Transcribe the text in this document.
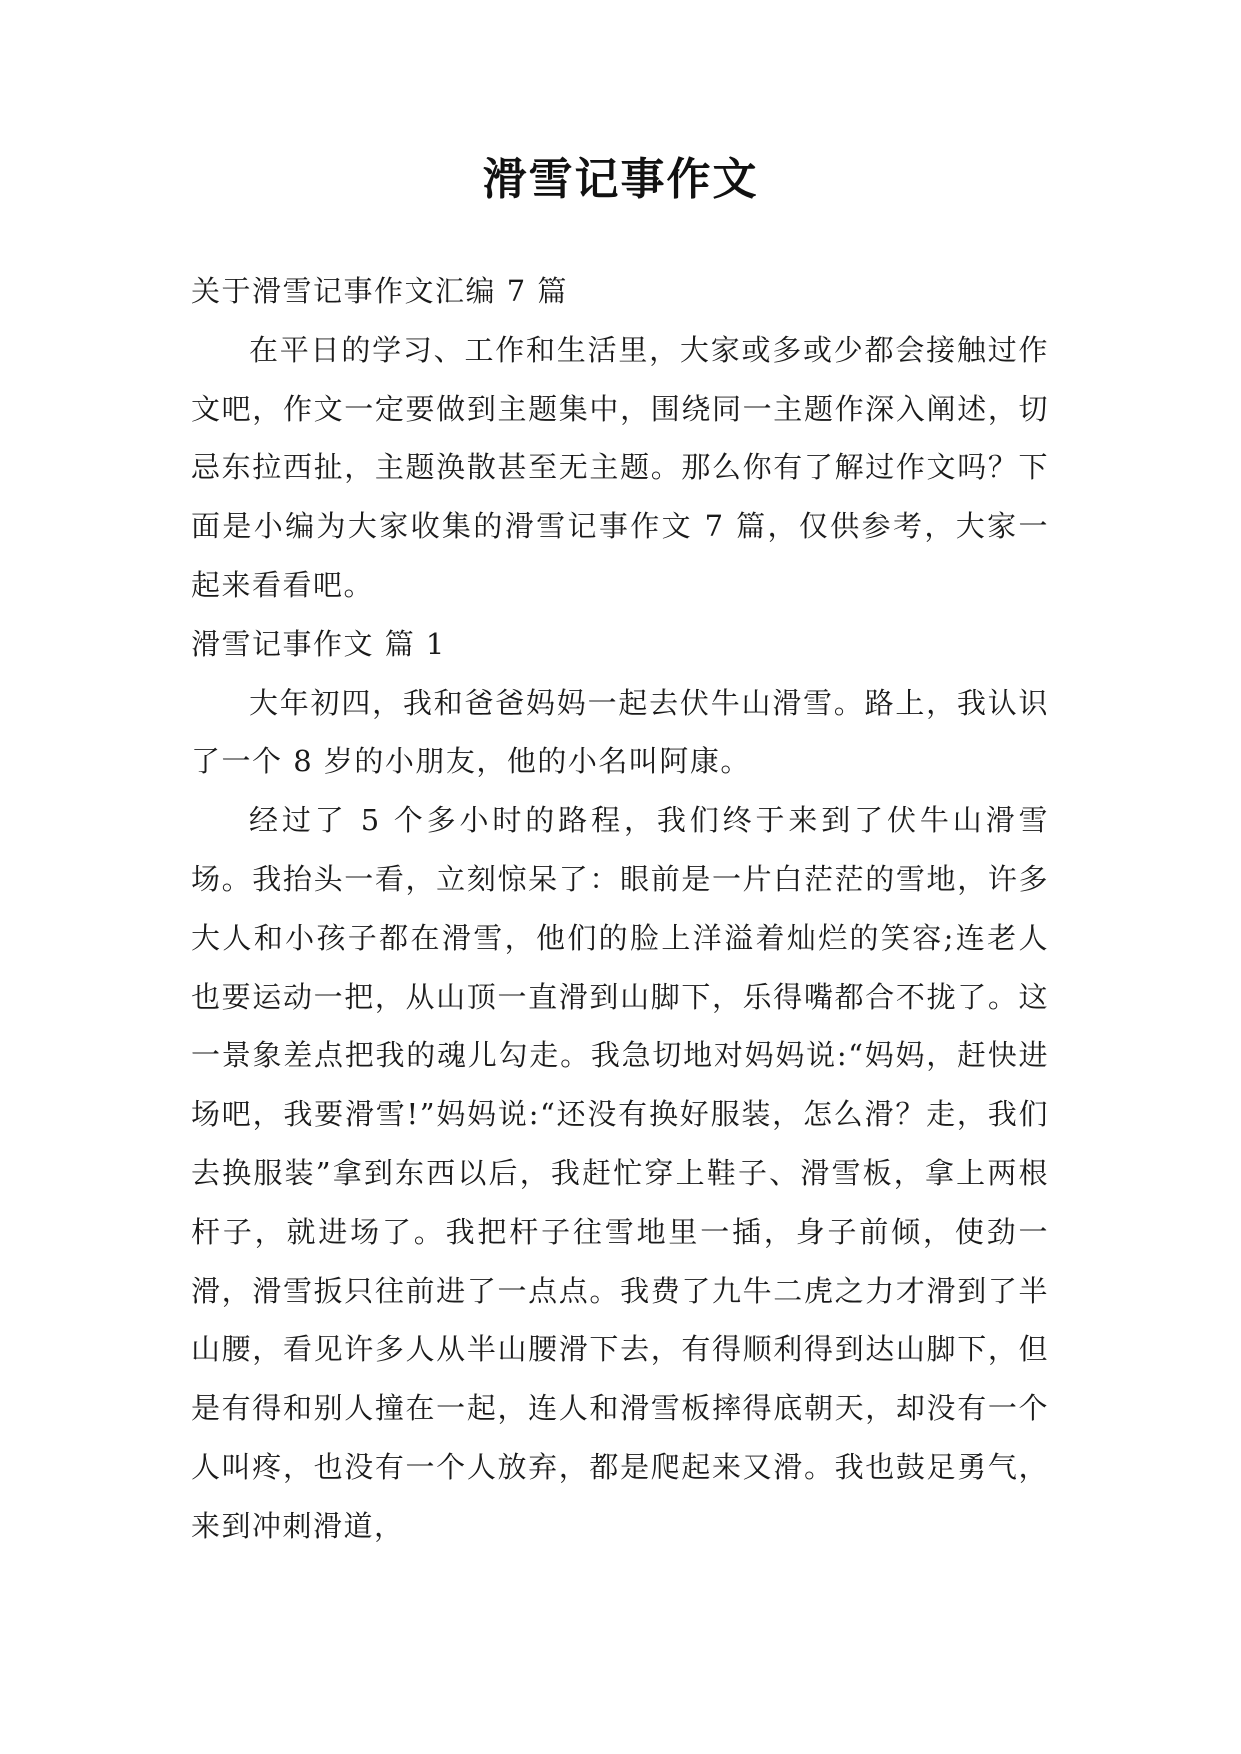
滑雪记事作文

关于滑雪记事作文汇编 7 篇

在平日的学习、工作和生活里，大家或多或少都会接触过作文吧，作文一定要做到主题集中，围绕同一主题作深入阐述，切忌东拉西扯，主题涣散甚至无主题。那么你有了解过作文吗？下面是小编为大家收集的滑雪记事作文 7 篇，仅供参考，大家一起来看看吧。

滑雪记事作文 篇 1

大年初四，我和爸爸妈妈一起去伏牛山滑雪。路上，我认识了一个 8 岁的小朋友，他的小名叫阿康。

经过了 5 个多小时的路程，我们终于来到了伏牛山滑雪场。我抬头一看，立刻惊呆了：眼前是一片白茫茫的雪地，许多大人和小孩子都在滑雪，他们的脸上洋溢着灿烂的笑容;连老人也要运动一把，从山顶一直滑到山脚下，乐得嘴都合不拢了。这一景象差点把我的魂儿勾走。我急切地对妈妈说:“妈妈，赶快进场吧，我要滑雪!”妈妈说:“还没有换好服装，怎么滑？走，我们去换服装”拿到东西以后，我赶忙穿上鞋子、滑雪板，拿上两根杆子，就进场了。我把杆子往雪地里一插，身子前倾，使劲一滑，滑雪扳只往前进了一点点。我费了九牛二虎之力才滑到了半山腰，看见许多人从半山腰滑下去，有得顺利得到达山脚下，但是有得和别人撞在一起，连人和滑雪板摔得底朝天，却没有一个人叫疼，也没有一个人放弃，都是爬起来又滑。我也鼓足勇气，来到冲刺滑道，
